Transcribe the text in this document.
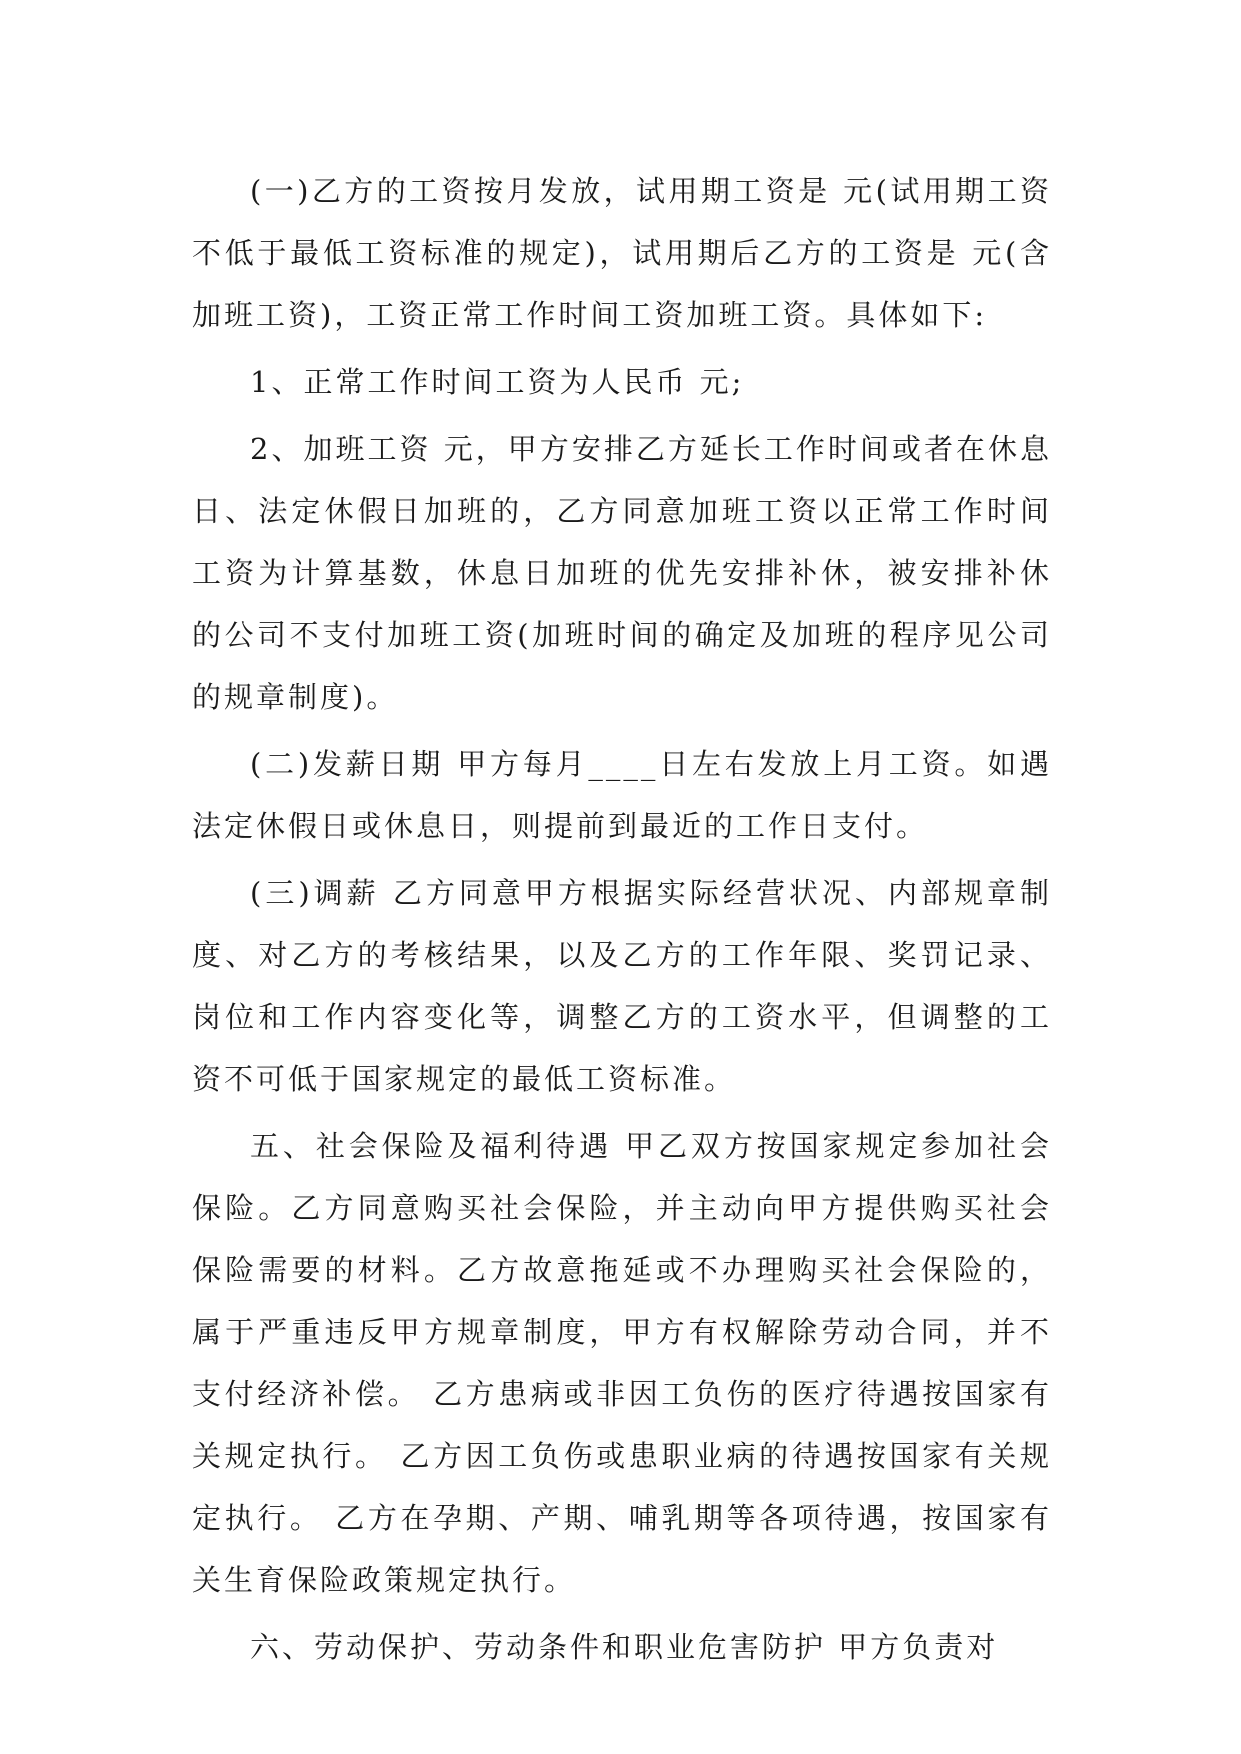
(一)乙方的工资按月发放，试用期工资是 元(试用期工资不低于最低工资标准的规定)，试用期后乙方的工资是 元(含加班工资)，工资正常工作时间工资加班工资。具体如下:

1、正常工作时间工资为人民币 元;

2、加班工资 元，甲方安排乙方延长工作时间或者在休息日、法定休假日加班的，乙方同意加班工资以正常工作时间工资为计算基数，休息日加班的优先安排补休，被安排补休的公司不支付加班工资(加班时间的确定及加班的程序见公司的规章制度)。

(二)发薪日期 甲方每月____日左右发放上月工资。如遇法定休假日或休息日，则提前到最近的工作日支付。

(三)调薪 乙方同意甲方根据实际经营状况、内部规章制度、对乙方的考核结果，以及乙方的工作年限、奖罚记录、岗位和工作内容变化等，调整乙方的工资水平，但调整的工资不可低于国家规定的最低工资标准。

五、社会保险及福利待遇 甲乙双方按国家规定参加社会保险。乙方同意购买社会保险，并主动向甲方提供购买社会保险需要的材料。乙方故意拖延或不办理购买社会保险的，属于严重违反甲方规章制度，甲方有权解除劳动合同，并不支付经济补偿。 乙方患病或非因工负伤的医疗待遇按国家有关规定执行。 乙方因工负伤或患职业病的待遇按国家有关规定执行。 乙方在孕期、产期、哺乳期等各项待遇，按国家有关生育保险政策规定执行。

六、劳动保护、劳动条件和职业危害防护 甲方负责对
